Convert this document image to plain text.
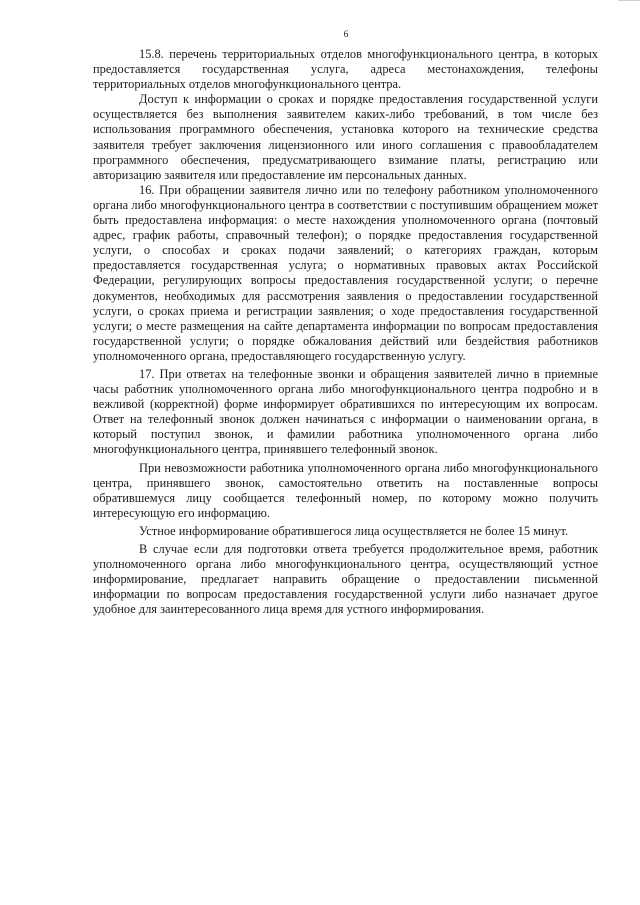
6

15.8. перечень территориальных отделов многофункционального центра, в которых предоставляется государственная услуга, адреса местонахождения, телефоны территориальных отделов многофункционального центра.

Доступ к информации о сроках и порядке предоставления государственной услуги осуществляется без выполнения заявителем каких-либо требований, в том числе без использования программного обеспечения, установка которого на технические средства заявителя требует заключения лицензионного или иного соглашения с правообладателем программного обеспечения, предусматривающего взимание платы, регистрацию или авторизацию заявителя или предоставление им персональных данных.

16. При обращении заявителя лично или по телефону работником уполномоченного органа либо многофункционального центра в соответствии с поступившим обращением может быть предоставлена информация: о месте нахождения уполномоченного органа (почтовый адрес, график работы, справочный телефон); о порядке предоставления государственной услуги, о способах и сроках подачи заявлений; о категориях граждан, которым предоставляется государственная услуга; о нормативных правовых актах Российской Федерации, регулирующих вопросы предоставления государственной услуги; о перечне документов, необходимых для рассмотрения заявления о предоставлении государственной услуги, о сроках приема и регистрации заявления; о ходе предоставления государственной услуги; о месте размещения на сайте департамента информации по вопросам предоставления государственной услуги; о порядке обжалования действий или бездействия работников уполномоченного органа, предоставляющего государственную услугу.

17. При ответах на телефонные звонки и обращения заявителей лично в приемные часы работник уполномоченного органа либо многофункционального центра подробно и в вежливой (корректной) форме информирует обратившихся по интересующим их вопросам. Ответ на телефонный звонок должен начинаться с информации о наименовании органа, в который поступил звонок, и фамилии работника уполномоченного органа либо многофункционального центра, принявшего телефонный звонок.

При невозможности работника уполномоченного органа либо многофункционального центра, принявшего звонок, самостоятельно ответить на поставленные вопросы обратившемуся лицу сообщается телефонный номер, по которому можно получить интересующую его информацию.

Устное информирование обратившегося лица осуществляется не более 15 минут.

В случае если для подготовки ответа требуется продолжительное время, работник уполномоченного органа либо многофункционального центра, осуществляющий устное информирование, предлагает направить обращение о предоставлении письменной информации по вопросам предоставления государственной услуги либо назначает другое удобное для заинтересованного лица время для устного информирования.
